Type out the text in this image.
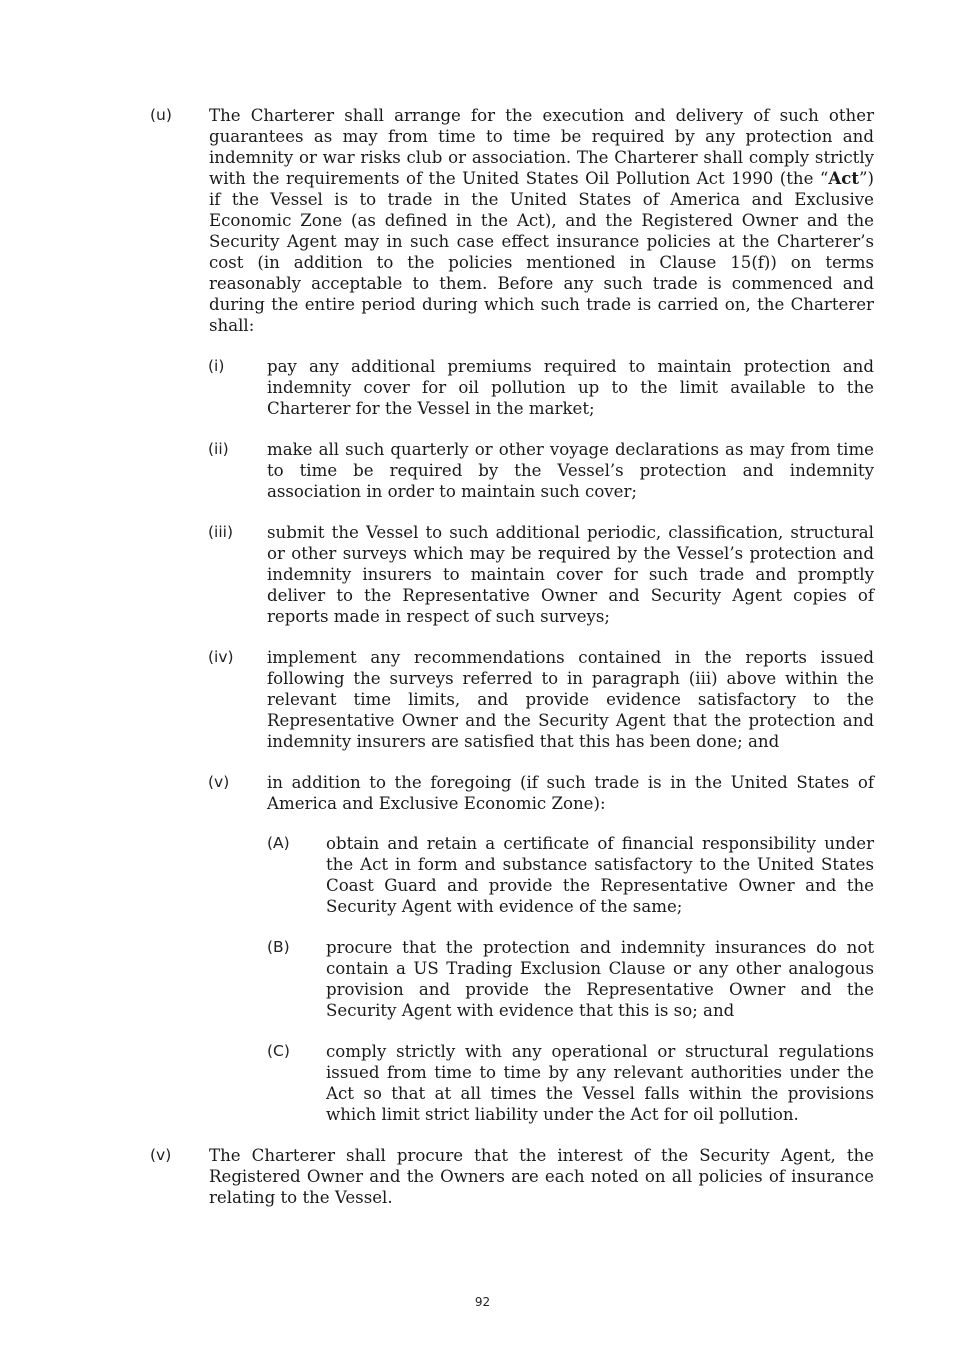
(u) The Charterer shall arrange for the execution and delivery of such other guarantees as may from time to time be required by any protection and indemnity or war risks club or association. The Charterer shall comply strictly with the requirements of the United States Oil Pollution Act 1990 (the “Act”) if the Vessel is to trade in the United States of America and Exclusive Economic Zone (as defined in the Act), and the Registered Owner and the Security Agent may in such case effect insurance policies at the Charterer’s cost (in addition to the policies mentioned in Clause 15(f)) on terms reasonably acceptable to them. Before any such trade is commenced and during the entire period during which such trade is carried on, the Charterer shall:
(i)	pay any additional premiums required to maintain protection and indemnity cover for oil pollution up to the limit available to the Charterer for the Vessel in the market;
(ii) make all such quarterly or other voyage declarations as may from time to time be required by the Vessel’s protection and indemnity association in order to maintain such cover;
(iii) submit the Vessel to such additional periodic, classification, structural or other surveys which may be required by the Vessel’s protection and indemnity insurers to maintain cover for such trade and promptly deliver to the Representative Owner and Security Agent copies of reports made in respect of such surveys;
(iv) implement any recommendations contained in the reports issued following the surveys referred to in paragraph (iii) above within the relevant time limits, and provide evidence satisfactory to the Representative Owner and the Security Agent that the protection and indemnity insurers are satisfied that this has been done; and
(v) in addition to the foregoing (if such trade is in the United States of America and Exclusive Economic Zone):
(A) obtain and retain a certificate of financial responsibility under the Act in form and substance satisfactory to the United States Coast Guard and provide the Representative Owner and the Security Agent with evidence of the same;
(B) procure that the protection and indemnity insurances do not contain a US Trading Exclusion Clause or any other analogous provision and provide the Representative Owner and the Security Agent with evidence that this is so; and
(C) comply strictly with any operational or structural regulations issued from time to time by any relevant authorities under the Act so that at all times the Vessel falls within the provisions which limit strict liability under the Act for oil pollution.
(v) The Charterer shall procure that the interest of the Security Agent, the Registered Owner and the Owners are each noted on all policies of insurance relating to the Vessel.
92
